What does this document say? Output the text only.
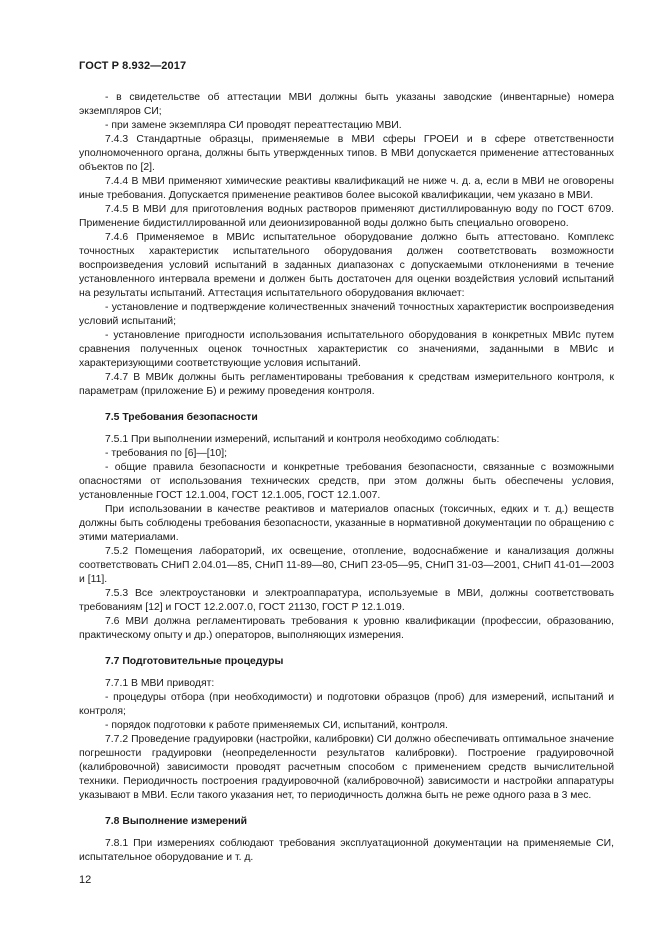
ГОСТ Р 8.932—2017

- в свидетельстве об аттестации МВИ должны быть указаны заводские (инвентарные) номера экземпляров СИ;

- при замене экземпляра СИ проводят переаттестацию МВИ.

7.4.3 Стандартные образцы, применяемые в МВИ сферы ГРОЕИ и в сфере ответственности уполномоченного органа, должны быть утвержденных типов. В МВИ допускается применение аттестованных объектов по [2].

7.4.4 В МВИ применяют химические реактивы квалификаций не ниже ч. д. а, если в МВИ не оговорены иные требования. Допускается применение реактивов более высокой квалификации, чем указано в МВИ.

7.4.5 В МВИ для приготовления водных растворов применяют дистиллированную воду по ГОСТ 6709. Применение бидистиллированной или деионизированной воды должно быть специально оговорено.

7.4.6 Применяемое в МВИс испытательное оборудование должно быть аттестовано. Комплекс точностных характеристик испытательного оборудования должен соответствовать возможности воспроизведения условий испытаний в заданных диапазонах с допускаемыми отклонениями в течение установленного интервала времени и должен быть достаточен для оценки воздействия условий испытаний на результаты испытаний. Аттестация испытательного оборудования включает:

- установление и подтверждение количественных значений точностных характеристик воспроизведения условий испытаний;

- установление пригодности использования испытательного оборудования в конкретных МВИс путем сравнения полученных оценок точностных характеристик со значениями, заданными в МВИс и характеризующими соответствующие условия испытаний.

7.4.7 В МВИк должны быть регламентированы требования к средствам измерительного контроля, к параметрам (приложение Б) и режиму проведения контроля.

7.5 Требования безопасности

7.5.1 При выполнении измерений, испытаний и контроля необходимо соблюдать:

- требования по [6]—[10];

- общие правила безопасности и конкретные требования безопасности, связанные с возможными опасностями от использования технических средств, при этом должны быть обеспечены условия, установленные ГОСТ 12.1.004, ГОСТ 12.1.005, ГОСТ 12.1.007.

При использовании в качестве реактивов и материалов опасных (токсичных, едких и т. д.) веществ должны быть соблюдены требования безопасности, указанные в нормативной документации по обращению с этими материалами.

7.5.2 Помещения лабораторий, их освещение, отопление, водоснабжение и канализация должны соответствовать СНиП 2.04.01—85, СНиП 11-89—80, СНиП 23-05—95, СНиП 31-03—2001, СНиП 41-01—2003 и [11].

7.5.3 Все электроустановки и электроаппаратура, используемые в МВИ, должны соответствовать требованиям [12] и ГОСТ 12.2.007.0, ГОСТ 21130, ГОСТ Р 12.1.019.

7.6 МВИ должна регламентировать требования к уровню квалификации (профессии, образованию, практическому опыту и др.) операторов, выполняющих измерения.

7.7 Подготовительные процедуры

7.7.1 В МВИ приводят:

- процедуры отбора (при необходимости) и подготовки образцов (проб) для измерений, испытаний и контроля;

- порядок подготовки к работе применяемых СИ, испытаний, контроля.

7.7.2 Проведение градуировки (настройки, калибровки) СИ должно обеспечивать оптимальное значение погрешности градуировки (неопределенности результатов калибровки). Построение градуировочной (калибровочной) зависимости проводят расчетным способом с применением средств вычислительной техники. Периодичность построения градуировочной (калибровочной) зависимости и настройки аппаратуры указывают в МВИ. Если такого указания нет, то периодичность должна быть не реже одного раза в 3 мес.

7.8 Выполнение измерений

7.8.1 При измерениях соблюдают требования эксплуатационной документации на применяемые СИ, испытательное оборудование и т. д.

12
